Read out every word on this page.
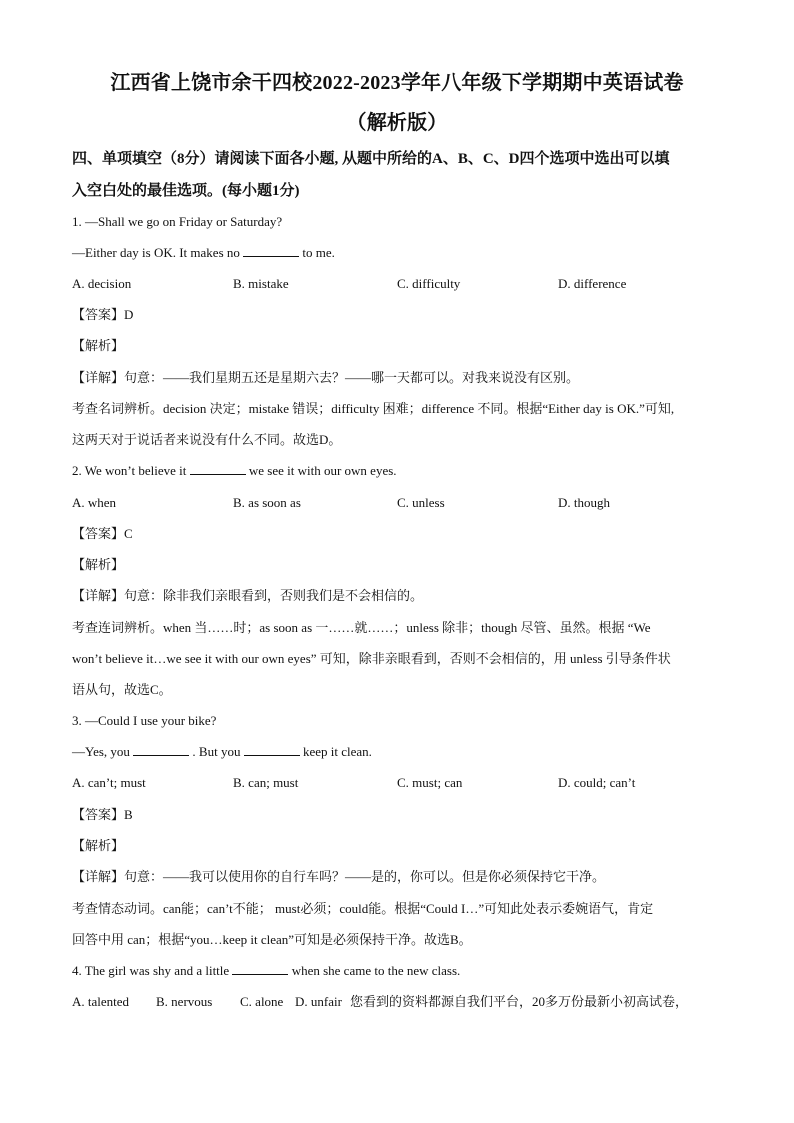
江西省上饶市余干四校2022-2023学年八年级下学期期中英语试卷
（解析版）
四、单项填空（8分）请阅读下面各小题, 从题中所给的A、B、C、D四个选项中选出可以填
入空白处的最佳选项。(每小题1分)
1. —Shall we go on Friday or Saturday?
—Either day is OK. It makes no	to me.
A. decision	B. mistake	C. difficulty	D. difference
【答案】D
【解析】
【详解】句意：——我们星期五还是星期六去？——哪一天都可以。对我来说没有区别。
考查名词辨析。decision 决定；mistake 错误；difficulty 困难；difference 不同。根据“Either day is OK.”可知,
这两天对于说话者来说没有什么不同。故选D。
2. We won’t believe it	we see it with our own eyes.
A. when	B. as soon as	C. unless	D. though
【答案】C
【解析】
【详解】句意：除非我们亲眼看到，否则我们是不会相信的。
考查连词辨析。when 当……时；as soon as 一……就……；unless 除非；though 尽管、虽然。根据 “We
won’t believe it…we see it with our own eyes” 可知，除非亲眼看到，否则不会相信的，用 unless 引导条件状
语从句，故选C。
3. —Could I use your bike?
—Yes, you	. But you	keep it clean.
A. can’t; must	B. can; must	C. must; can	D. could; can’t
【答案】B
【解析】
【详解】句意：——我可以使用你的自行车吗？——是的，你可以。但是你必须保持它干净。
考查情态动词。can能；can’t不能； must必须；could能。根据“Could I…”可知此处表示委婉语气，肯定
回答中用 can；根据“you…keep it clean”可知是必须保持干净。故选B。
4. The girl was shy and a little	when she came to the new class.
A. talented B. nervous C. alone D. unfair 您看到的资料都源自我们平台，20多万份最新小初高试卷，
